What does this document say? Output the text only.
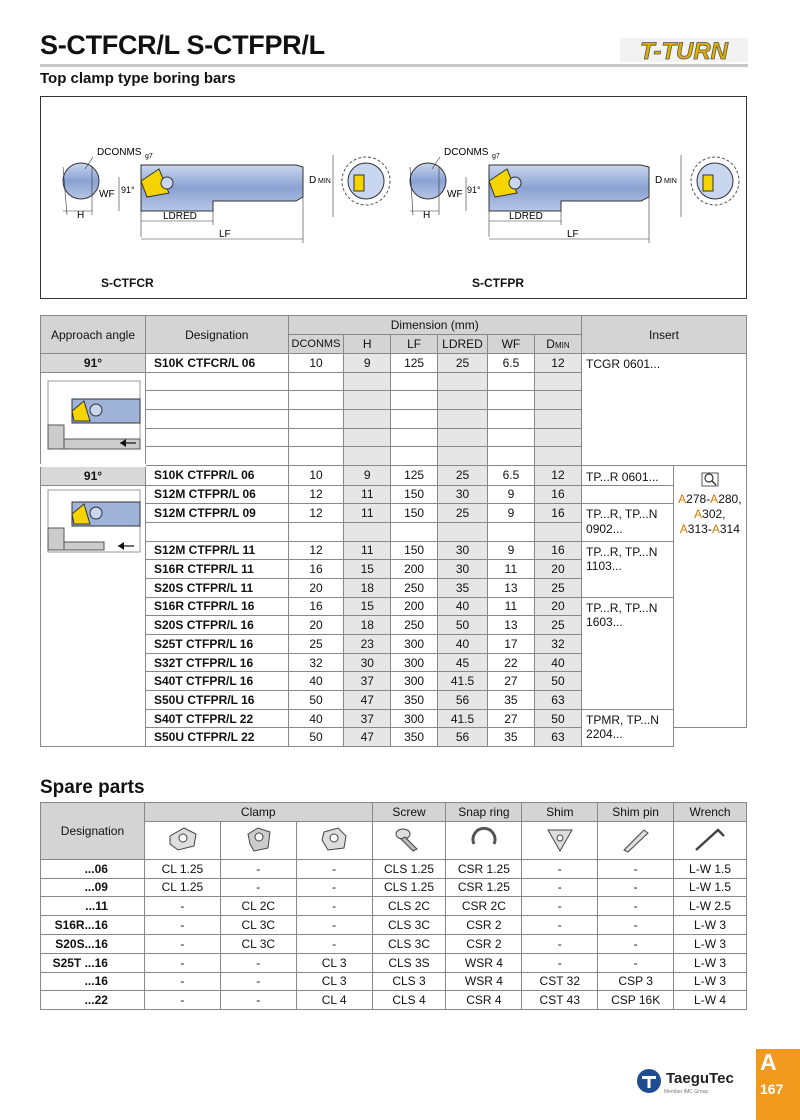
S-CTFCR/L S-CTFPR/L
Top clamp type boring bars
T-TURN
H	LDRED
LF
DCONMS g7
WF 91°
D MIN
H	LDRED
LF
DCONMS g7
WF 91°
D MIN
S-CTFCR	S-CTFPR
Approach angle	Designation	Dimension (mm)						Insert	
		DCONMS	H	LF	LDRED	WF	DMIN		
91°	S10K CTFCR/L 06	10	9	125	25	6.5	12	TCGR 0601...	

91°	S10K CTFPR/L 06	10	9	125	25	6.5	12	TP...R 0601...	A278-A280,
A302,
A313-A314

	S12M CTFPR/L 06	12	11	150	30	9	16		
	S12M CTFPR/L 09	12	11	150	25	9	16	TP...R, TP...N
0902...	

	S12M CTFPR/L 11	12	11	150	30	9	16	TP...R, TP...N
1103...	

	S16R CTFPR/L 11	16	15	200	30	11	20		
	S20S CTFPR/L 11	20	18	250	35	13	25		
	S16R CTFPR/L 16	16	15	200	40	11	20	TP...R, TP...N
1603...	

	S20S CTFPR/L 16	20	18	250	50	13	25		
	S25T CTFPR/L 16	25	23	300	40	17	32		
	S32T CTFPR/L 16	32	30	300	45	22	40		
	S40T CTFPR/L 16	40	37	300	41.5	27	50		
	S50U CTFPR/L 16	50	47	350	56	35	63		
	S40T CTFPR/L 22	40	37	300	41.5	27	50	TPMR, TP...N
2204...	

	S50U CTFPR/L 22	50	47	350	56	35	63		
Spare parts
Designation	Clamp			Screw	Snap ring	Shim	Shim pin	Wrench

...06	CL 1.25	-	-	CLS 1.25	CSR 1.25	-	-	L-W 1.5
...09	CL 1.25	-	-	CLS 1.25	CSR 1.25	-	-	L-W 1.5
...11	-	CL 2C	-	CLS 2C	CSR 2C	-	-	L-W 2.5
S16R...16	-	CL 3C	-	CLS 3C	CSR 2	-	-	L-W 3
S20S...16	-	CL 3C	-	CLS 3C	CSR 2	-	-	L-W 3
S25T ...16	-	-	CL 3	CLS 3S	WSR 4	-	-	L-W 3
...16	-	-	CL 3	CLS 3	WSR 4	CST 32	CSP 3	L-W 3
...22	-	-	CL 4	CLS 4	CSR 4	CST 43	CSP 16K	L-W 4
TaeguTec
Member IMC Group
A
167
